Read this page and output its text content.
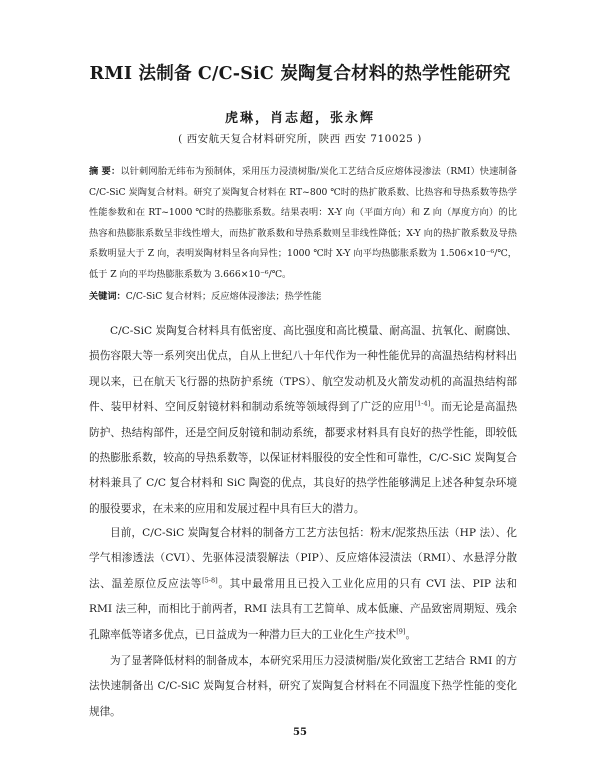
RMI 法制备 C/C-SiC 炭陶复合材料的热学性能研究
虎琳，肖志超，张永辉
( 西安航天复合材料研究所，陕西 西安 710025 )
摘 要：以针刺网胎无纬布为预制体，采用压力浸渍树脂/炭化工艺结合反应熔体浸渗法（RMI）快速制备 C/C-SiC 炭陶复合材料。研究了炭陶复合材料在 RT~800 ℃时的热扩散系数、比热容和导热系数等热学性能参数和在 RT~1000 ℃时的热膨胀系数。结果表明：X-Y 向（平面方向）和 Z 向（厚度方向）的比热容和热膨胀系数呈非线性增大，而热扩散系数和导热系数则呈非线性降低；X-Y 向的热扩散系数及导热系数明显大于 Z 向，表明炭陶材料呈各向异性；1000 ℃时 X-Y 向平均热膨胀系数为 1.506×10⁻⁶/℃，低于 Z 向的平均热膨胀系数为 3.666×10⁻⁶/℃。
关键词：C/C-SiC 复合材料；反应熔体浸渗法；热学性能

C/C-SiC 炭陶复合材料具有低密度、高比强度和高比模量、耐高温、抗氧化、耐腐蚀、损伤容限大等一系列突出优点，自从上世纪八十年代作为一种性能优异的高温热结构材料出现以来，已在航天飞行器的热防护系统（TPS）、航空发动机及火箭发动机的高温热结构部件、装甲材料、空间反射镜材料和制动系统等领域得到了广泛的应用[1-4]。而无论是高温热防护、热结构部件，还是空间反射镜和制动系统，都要求材料具有良好的热学性能，即较低的热膨胀系数，较高的导热系数等，以保证材料服役的安全性和可靠性，C/C-SiC 炭陶复合材料兼具了 C/C 复合材料和 SiC 陶瓷的优点，其良好的热学性能够满足上述各种复杂环境的服役要求，在未来的应用和发展过程中具有巨大的潜力。

目前，C/C-SiC 炭陶复合材料的制备方工艺方法包括：粉末/泥浆热压法（HP 法）、化学气相渗透法（CVI）、先驱体浸渍裂解法（PIP）、反应熔体浸渍法（RMI）、水悬浮分散法、温差原位反应法等[5-8]。其中最常用且已投入工业化应用的只有 CVI 法、PIP 法和 RMI 法三种，而相比于前两者，RMI 法具有工艺简单、成本低廉、产品致密周期短、残余孔隙率低等诸多优点，已日益成为一种潜力巨大的工业化生产技术[9]。

为了显著降低材料的制备成本，本研究采用压力浸渍树脂/炭化致密工艺结合 RMI 的方法快速制备出 C/C-SiC 炭陶复合材料，研究了炭陶复合材料在不同温度下热学性能的变化规律。

55
